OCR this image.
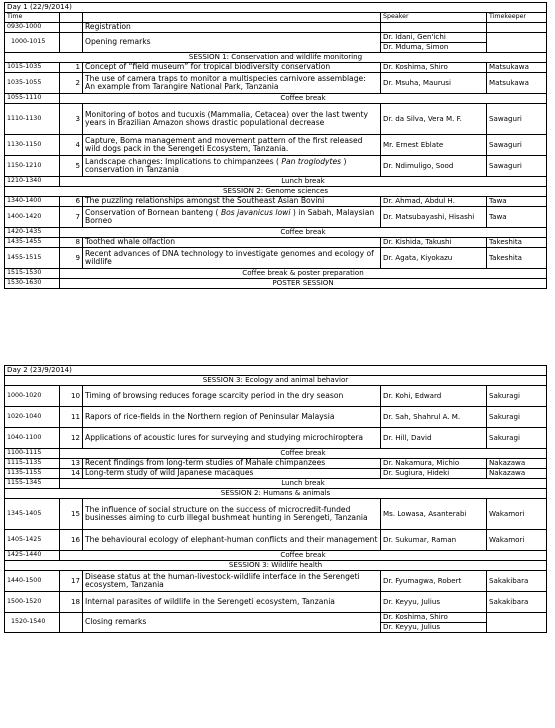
Day 1 (22/9/2014)				
Time			Speaker	Timekeeper
0930-1000		Registration		
1000-1015		Opening remarks	Dr. Idani, Gen'ichi	
			Dr. Mduma, Simon	
SESSION 1: Conservation and wildlife monitoring				
1015-1035	1	Concept of “field museum” for tropical biodiversity conservation	Dr. Koshima, Shiro	Matsukawa
1035-1055	2	The use of camera traps to monitor a multispecies carnivore assemblage: An example from Tarangire National Park, Tanzania	Dr. Msuha, Maurusi	Matsukawa
1055-1110	Coffee break			
1110-1130	3	Monitoring of botos and tucuxis (Mammalia, Cetacea) over the last twenty years in Brazilian Amazon shows drastic populational decrease	Dr. da Silva, Vera M. F.	Sawaguri
1130-1150	4	Capture, Boma management and movement pattern of the first released wild dogs pack in the Serengeti Ecosystem, Tanzania.	Mr. Ernest Eblate	Sawaguri
1150-1210	5	Landscape changes: Implications to chimpanzees ( Pan troglodytes ) conservation in Tanzania	Dr. Ndimuligo, Sood	Sawaguri
1210-1340	Lunch break			
SESSION 2: Genome sciences				
1340-1400	6	The puzzling relationships amongst the Southeast Asian Bovini	Dr. Ahmad, Abdul H.	Tawa
1400-1420	7	Conservation of Bornean banteng ( Bos javanicus lowi ) in Sabah, Malaysian Borneo	Dr. Matsubayashi, Hisashi	Tawa
1420-1435	Coffee break			
1435-1455	8	Toothed whale olfaction	Dr. Kishida, Takushi	Takeshita
1455-1515	9	Recent advances of DNA technology to investigate genomes and ecology of wildlife	Dr. Agata, Kiyokazu	Takeshita
1515-1530	Coffee break & poster preparation			
1530-1630	POSTER SESSION			
Day 2 (23/9/2014)				
SESSION 3: Ecology and animal behavior				
1000-1020	10	Timing of browsing reduces forage scarcity period in the dry season	Dr. Kohi, Edward	Sakuragi
1020-1040	11	Rapors of rice-fields in the Northern region of Peninsular Malaysia	Dr. Sah, Shahrul A. M.	Sakuragi
1040-1100	12	Applications of acoustic lures for surveying and studying microchiroptera	Dr. Hill, David	Sakuragi
1100-1115	Coffee break			
1115-1135	13	Recent findings from long-term studies of Mahale chimpanzees	Dr. Nakamura, Michio	Nakazawa
1135-1155	14	Long-term study of wild Japanese macaques	Dr. Sugiura, Hideki	Nakazawa
1155-1345	Lunch break			
SESSION 2: Humans & animals				
1345-1405	15	The influence of social structure on the success of microcredit-funded businesses aiming to curb illegal bushmeat hunting in Serengeti, Tanzania	Ms. Lowasa, Asanterabi	Wakamori
1405-1425	16	The behavioural ecology of elephant-human conflicts and their management	Dr. Sukumar, Raman	Wakamori
1425-1440	Coffee break			
SESSION 3: Wildlife health				
1440-1500	17	Disease status at the human-livestock-wildlife interface in the Serengeti ecosystem, Tanzania	Dr. Fyumagwa, Robert	Sakakibara
1500-1520	18	Internal parasites of wildlife in the Serengeti ecosystem, Tanzania	Dr. Keyyu, Julius	Sakakibara
1520-1540		Closing remarks	Dr. Koshima, Shiro	
			Dr. Keyyu, Julius	
